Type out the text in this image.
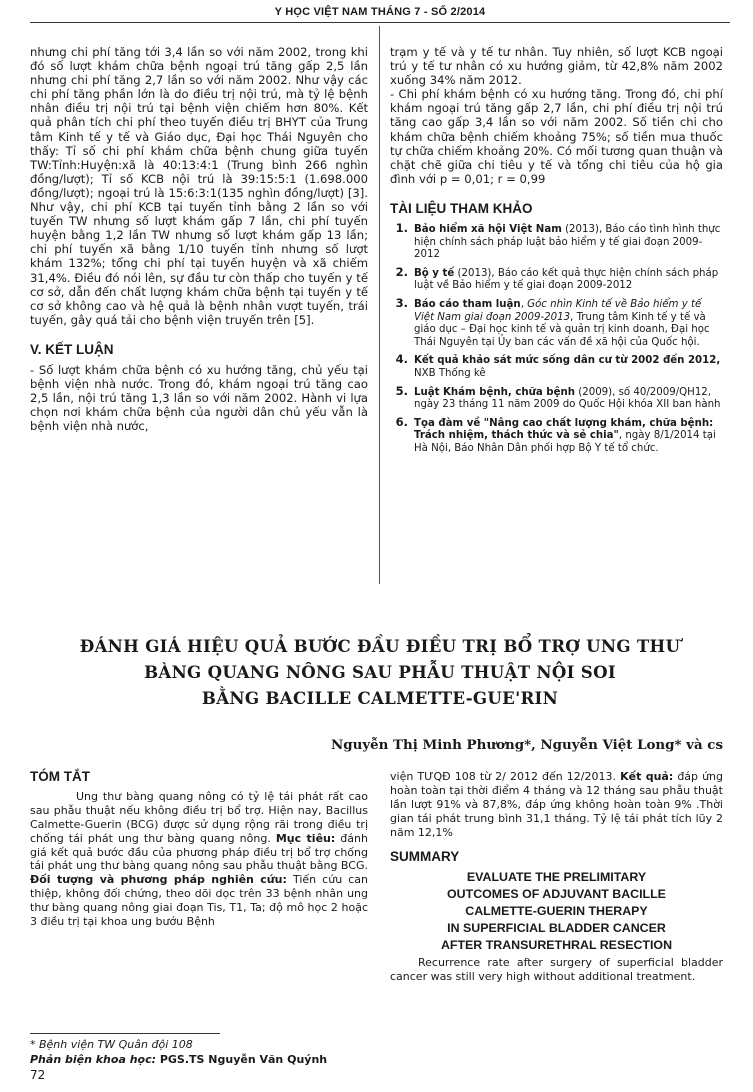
Y HỌC VIỆT NAM THÁNG 7 - SỐ 2/2014

nhưng chi phí tăng tới 3,4 lần so với năm 2002, trong khi đó số lượt khám chữa bệnh ngoại trú tăng gấp 2,5 lần nhưng chi phí tăng 2,7 lần so với năm 2002. Như vậy các chi phí tăng phần lớn là do điều trị nội trú, mà tỷ lệ bệnh nhân điều trị nội trú tại bệnh viện chiếm hơn 80%. Kết quả phân tích chi phí theo tuyến điều trị BHYT của Trung tâm Kinh tế y tế và Giáo dục, Đại học Thái Nguyên cho thấy: Tỉ số chi phí khám chữa bệnh chung giữa tuyến TW:Tỉnh:Huyện:xã là 40:13:4:1 (Trung bình 266 nghìn đồng/lượt); Tỉ số KCB nội trú là 39:15:5:1 (1.698.000 đồng/lượt); ngoại trú là 15:6:3:1(135 nghìn đồng/lượt) [3]. Như vậy, chi phí KCB tại tuyến tỉnh bằng 2 lần so với tuyến TW nhưng số lượt khám gấp 7 lần, chi phí tuyến huyện bằng 1,2 lần TW nhưng số lượt khám gấp 13 lần; chi phí tuyến xã bằng 1/10 tuyến tỉnh nhưng số lượt khám 132%; tổng chi phí tại tuyến huyện và xã chiếm 31,4%. Điều đó nói lên, sự đầu tư còn thấp cho tuyến y tế cơ sở, dẫn đến chất lượng khám chữa bệnh tại tuyến y tế cơ sở không cao và hệ quả là bệnh nhân vượt tuyến, trái tuyến, gây quá tải cho bệnh viện truyến trên [5].

V. KẾT LUẬN

- Số lượt khám chữa bệnh có xu hướng tăng, chủ yếu tại bệnh viện nhà nước. Trong đó, khám ngoại trú tăng cao 2,5 lần, nội trú tăng 1,3 lần so với năm 2002. Hành vi lựa chọn nơi khám chữa bệnh của người dân chủ yếu vẫn là bệnh viện nhà nước,

trạm y tế và y tế tư nhân. Tuy nhiên, số lượt KCB ngoại trú y tế tư nhân có xu hướng giảm, từ 42,8% năm 2002 xuống 34% năm 2012.

- Chi phí khám bệnh có xu hướng tăng. Trong đó, chi phí khám ngoại trú tăng gấp 2,7 lần, chi phí điều trị nội trú tăng cao gấp 3,4 lần so với năm 2002. Số tiền chi cho khám chữa bệnh chiếm khoảng 75%; số tiền mua thuốc tự chữa chiếm khoảng 20%. Có mối tương quan thuận và chặt chẽ giữa chi tiêu y tế và tổng chi tiêu của hộ gia đình với p = 0,01; r = 0,99

TÀI LIỆU THAM KHẢO
1. Bảo hiểm xã hội Việt Nam (2013), Báo cáo tình hình thực hiện chính sách pháp luật bảo hiểm y tế giai đoạn 2009-2012
2. Bộ y tế (2013), Báo cáo kết quả thực hiện chính sách pháp luật về Bảo hiểm y tế giai đoạn 2009-2012
3. Báo cáo tham luận, Góc nhìn Kinh tế về Bảo hiểm y tế Việt Nam giai đoạn 2009-2013, Trung tâm Kinh tế y tế và giáo dục – Đại học kinh tế và quản trị kinh doanh, Đại học Thái Nguyên tại Ủy ban các vấn đề xã hội của Quốc hội.
4. Kết quả khảo sát mức sống dân cư từ 2002 đến 2012, NXB Thống kê
5. Luật Khám bệnh, chữa bệnh (2009), số 40/2009/QH12, ngày 23 tháng 11 năm 2009 do Quốc Hội khóa XII ban hành
6. Tọa đàm về "Nâng cao chất lượng khám, chữa bệnh: Trách nhiệm, thách thức và sẻ chia", ngày 8/1/2014 tại Hà Nội, Báo Nhân Dân phối hợp Bộ Y tế tổ chức.
ĐÁNH GIÁ HIỆU QUẢ BƯỚC ĐẦU ĐIỀU TRỊ BỔ TRỢ UNG THƯ
BÀNG QUANG NÔNG SAU PHẪU THUẬT NỘI SOI
BẰNG BACILLE CALMETTE-GUE'RIN
Nguyễn Thị Minh Phương*, Nguyễn Việt Long* và cs
TÓM TẮT

Ung thư bàng quang nông có tỷ lệ tái phát rất cao sau phẫu thuật nếu không điều trị bổ trợ. Hiện nay, Bacillus Calmette-Guerin (BCG) được sử dụng rộng rãi trong điều trị chống tái phát ung thư bàng quang nông. Mục tiêu: đánh giá kết quả bước đầu của phương pháp điều trị bổ trợ chống tái phát ung thư bàng quang nông sau phẫu thuật bằng BCG. Đối tượng và phương pháp nghiên cứu: Tiến cứu can thiệp, không đối chứng, theo dõi dọc trên 33 bệnh nhân ung thư bàng quang nông giai đoạn Tis, T1, Ta; độ mô học 2 hoặc 3 điều trị tại khoa ung bướu Bệnh

viện TƯQĐ 108 từ 2/ 2012 đến 12/2013. Kết quả: đáp ứng hoàn toàn tại thời điểm 4 tháng và 12 tháng sau phẫu thuật lần lượt 91% và 87,8%, đáp ứng không hoàn toàn 9% .Thời gian tái phát trung bình 31,1 tháng. Tỷ lệ tái phát tích lũy 2 năm 12,1%

SUMMARY
EVALUATE THE PRELIMITARY
OUTCOMES OF ADJUVANT BACILLE
CALMETTE-GUERIN THERAPY
IN SUPERFICIAL BLADDER CANCER
AFTER TRANSURETHRAL RESECTION

Recurrence rate after surgery of superficial bladder cancer was still very high without additional treatment.

* Bệnh viện TW Quân đội 108
Phản biện khoa học: PGS.TS Nguyễn Văn Quýnh
72
